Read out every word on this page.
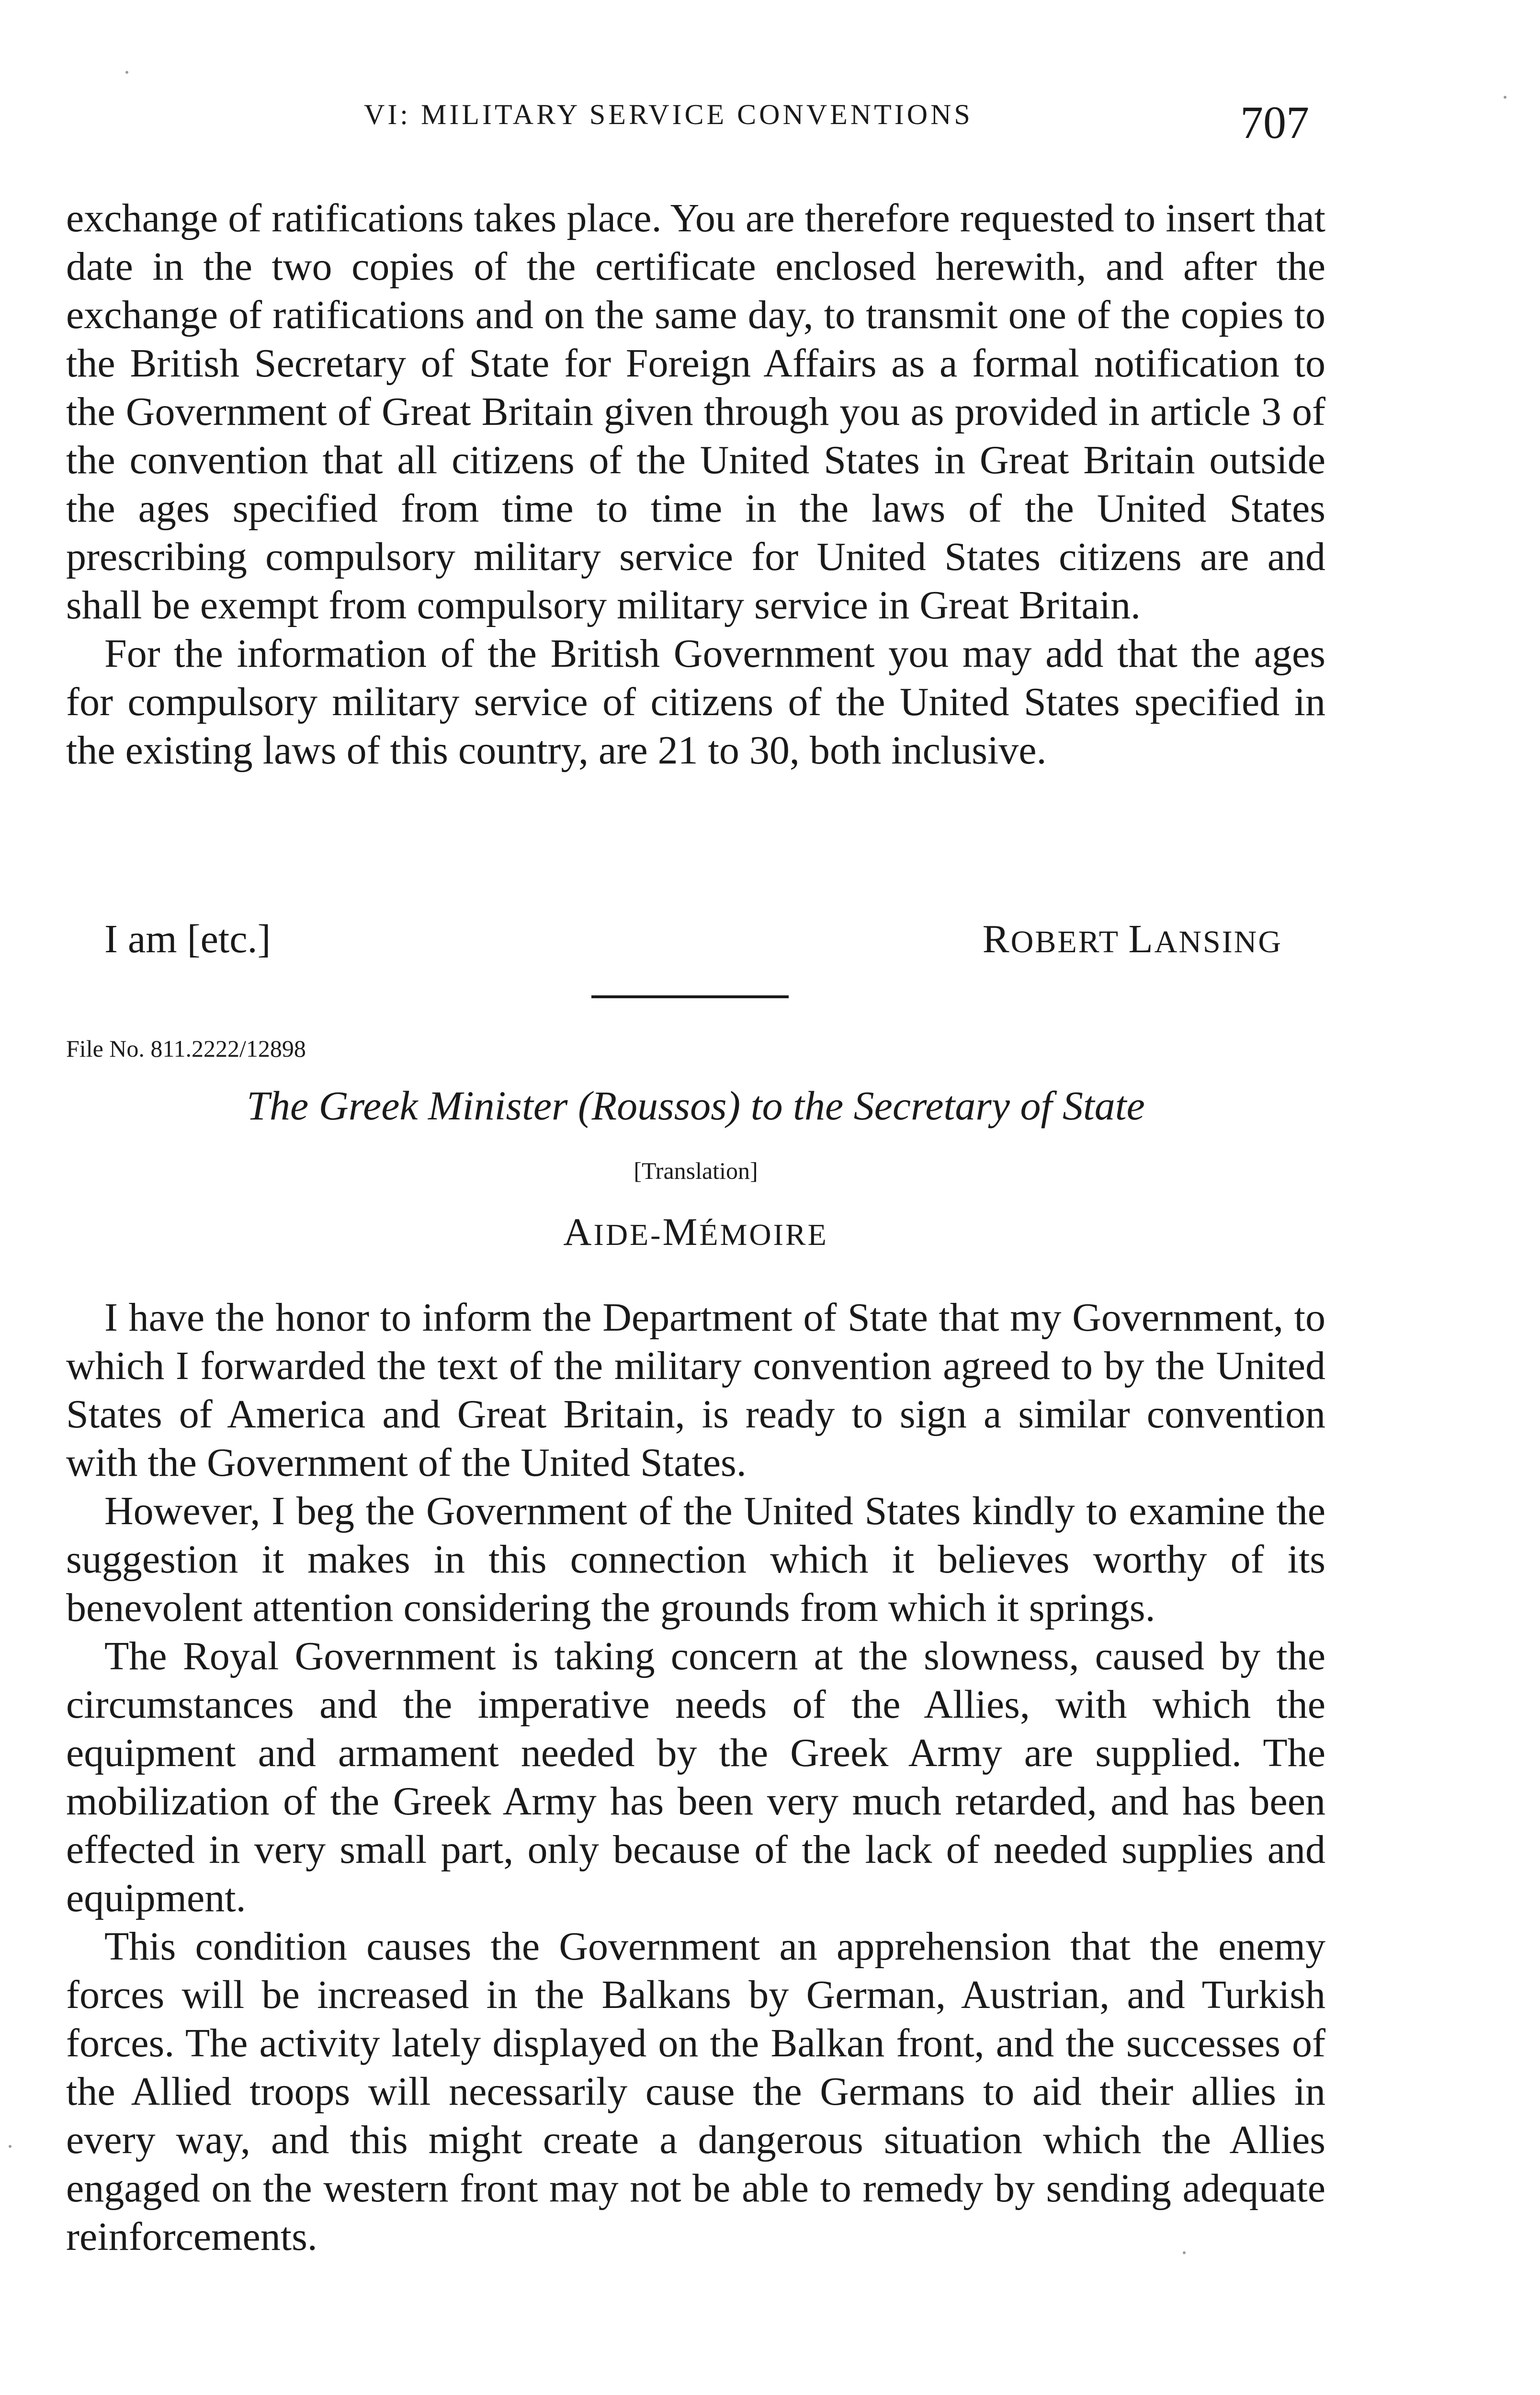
VI: MILITARY SERVICE CONVENTIONS	707

exchange of ratifications takes place. You are therefore requested to insert that date in the two copies of the certificate enclosed herewith, and after the exchange of ratifications and on the same day, to transmit one of the copies to the British Secretary of State for Foreign Affairs as a formal notification to the Government of Great Britain given through you as provided in article 3 of the convention that all citizens of the United States in Great Britain outside the ages specified from time to time in the laws of the United States prescribing compulsory military service for United States citizens are and shall be exempt from compulsory military service in Great Britain.

For the information of the British Government you may add that the ages for compulsory military service of citizens of the United States specified in the existing laws of this country, are 21 to 30, both inclusive.

I am [etc.]	ROBERT LANSING
File No. 811.2222/12898
The Greek Minister (Roussos) to the Secretary of State
[Translation]
AIDE-MÉMOIRE

I have the honor to inform the Department of State that my Government, to which I forwarded the text of the military convention agreed to by the United States of America and Great Britain, is ready to sign a similar convention with the Government of the United States.

However, I beg the Government of the United States kindly to examine the suggestion it makes in this connection which it believes worthy of its benevolent attention considering the grounds from which it springs.

The Royal Government is taking concern at the slowness, caused by the circumstances and the imperative needs of the Allies, with which the equipment and armament needed by the Greek Army are supplied. The mobilization of the Greek Army has been very much retarded, and has been effected in very small part, only because of the lack of needed supplies and equipment.

This condition causes the Government an apprehension that the enemy forces will be increased in the Balkans by German, Austrian, and Turkish forces. The activity lately displayed on the Balkan front, and the successes of the Allied troops will necessarily cause the Germans to aid their allies in every way, and this might create a dangerous situation which the Allies engaged on the western front may not be able to remedy by sending adequate reinforcements.
